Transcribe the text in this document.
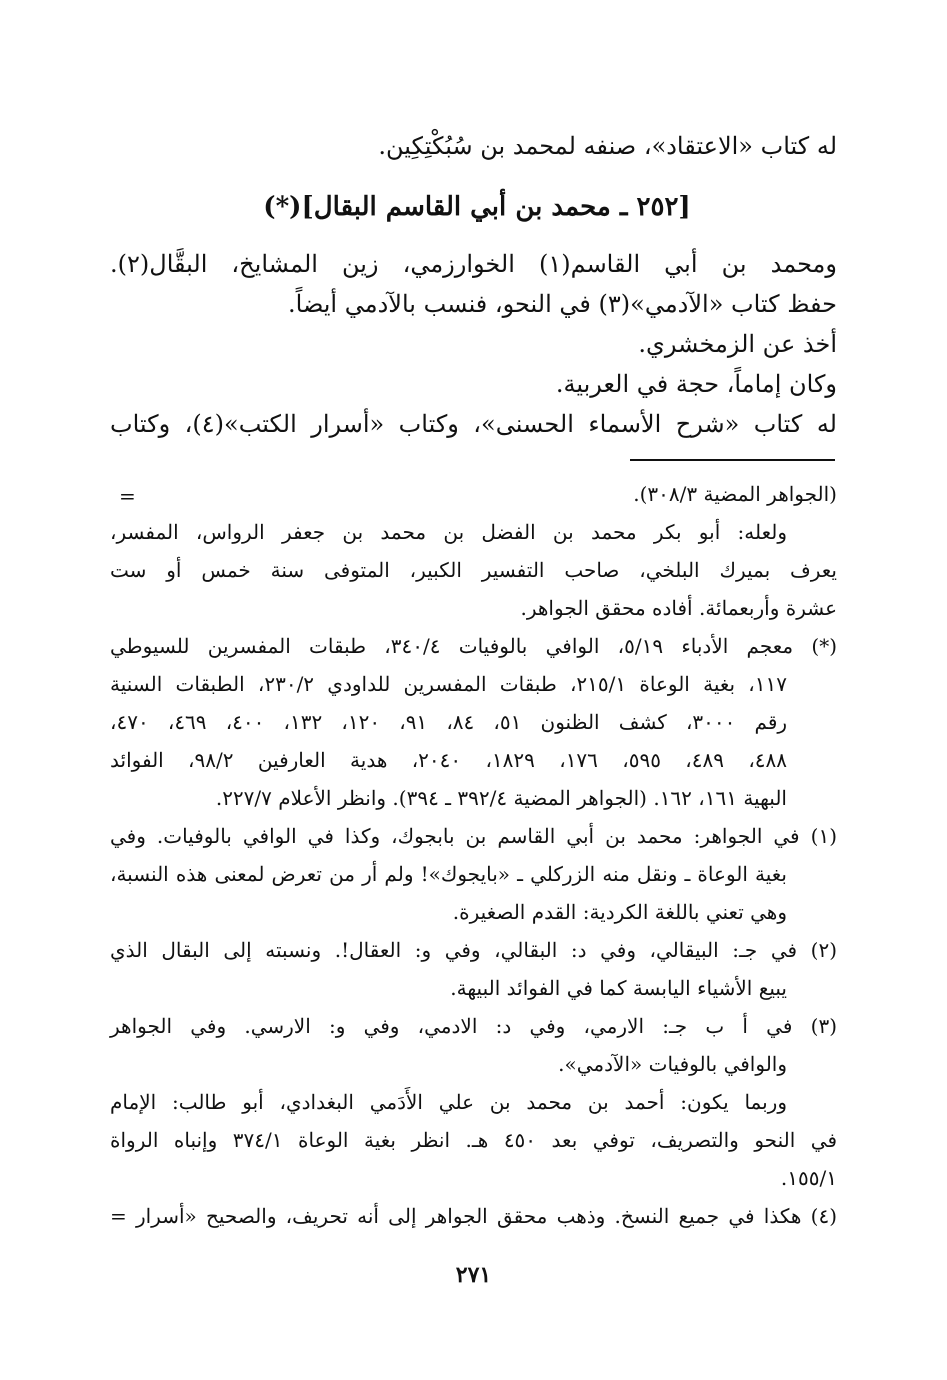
له كتاب «الاعتقاد»، صنفه لمحمد بن سُبُكْتِكِين.
[٢٥٢ ـ محمد بن أبي القاسم البقال](*)
ومحمد بن أبي القاسم(١) الخوارزمي، زين المشايخ، البقَّال(٢).
حفظ كتاب «الآدمي»(٣) في النحو، فنسب بالآدمي أيضاً.
أخذ عن الزمخشري.
وكان إماماً، حجة في العربية.
له كتاب «شرح الأسماء الحسنى»، وكتاب «أسرار الكتب»(٤)، وكتاب
=	(الجواهر المضية ٣٠٨/٣).
ولعله: أبو بكر محمد بن الفضل بن محمد بن جعفر الرواس، المفسر،
يعرف بميرك البلخي، صاحب التفسير الكبير، المتوفى سنة خمس أو ست
عشرة وأربعمائة. أفاده محقق الجواهر.
(*) معجم الأدباء ٥/١٩، الوافي بالوفيات ٣٤٠/٤، طبقات المفسرين للسيوطي
١١٧، بغية الوعاة ٢١٥/١، طبقات المفسرين للداودي ٢٣٠/٢، الطبقات السنية
رقم ٣٠٠٠، كشف الظنون ٥١، ٨٤، ٩١، ١٢٠، ١٣٢، ٤٠٠، ٤٦٩، ٤٧٠،
٤٨٨، ٤٨٩، ٥٩٥، ١٧٦، ١٨٢٩، ٢٠٤٠، هدية العارفين ٩٨/٢، الفوائد
البهية ١٦١، ١٦٢. (الجواهر المضية ٣٩٢/٤ ـ ٣٩٤). وانظر الأعلام ٢٢٧/٧.
(١) في الجواهر: محمد بن أبي القاسم بن بابجوك، وكذا في الوافي بالوفيات. وفي
بغية الوعاة ـ ونقل منه الزركلي ـ «بايجوك»! ولم أر من تعرض لمعنى هذه النسبة،
وهي تعني باللغة الكردية: القدم الصغيرة.
(٢) في جـ: البيقالي، وفي د: البقالي، وفي و: العقال!. ونسبته إلى البقال الذي
يبيع الأشياء اليابسة كما في الفوائد البيهة.
(٣) في أ ب جـ: الارمي، وفي د: الادمي، وفي و: الارسي. وفي الجواهر
والوافي بالوفيات «الآدمي».
وربما يكون: أحمد بن محمد بن علي الأَدَمي البغدادي، أبو طالب: الإمام
في النحو والتصريف، توفي بعد ٤٥٠ هـ. انظر بغية الوعاة ٣٧٤/١ وإنباه الرواة
١٥٥/١.
(٤) هكذا في جميع النسخ. وذهب محقق الجواهر إلى أنه تحريف، والصحيح «أسرار =
٢٧١
